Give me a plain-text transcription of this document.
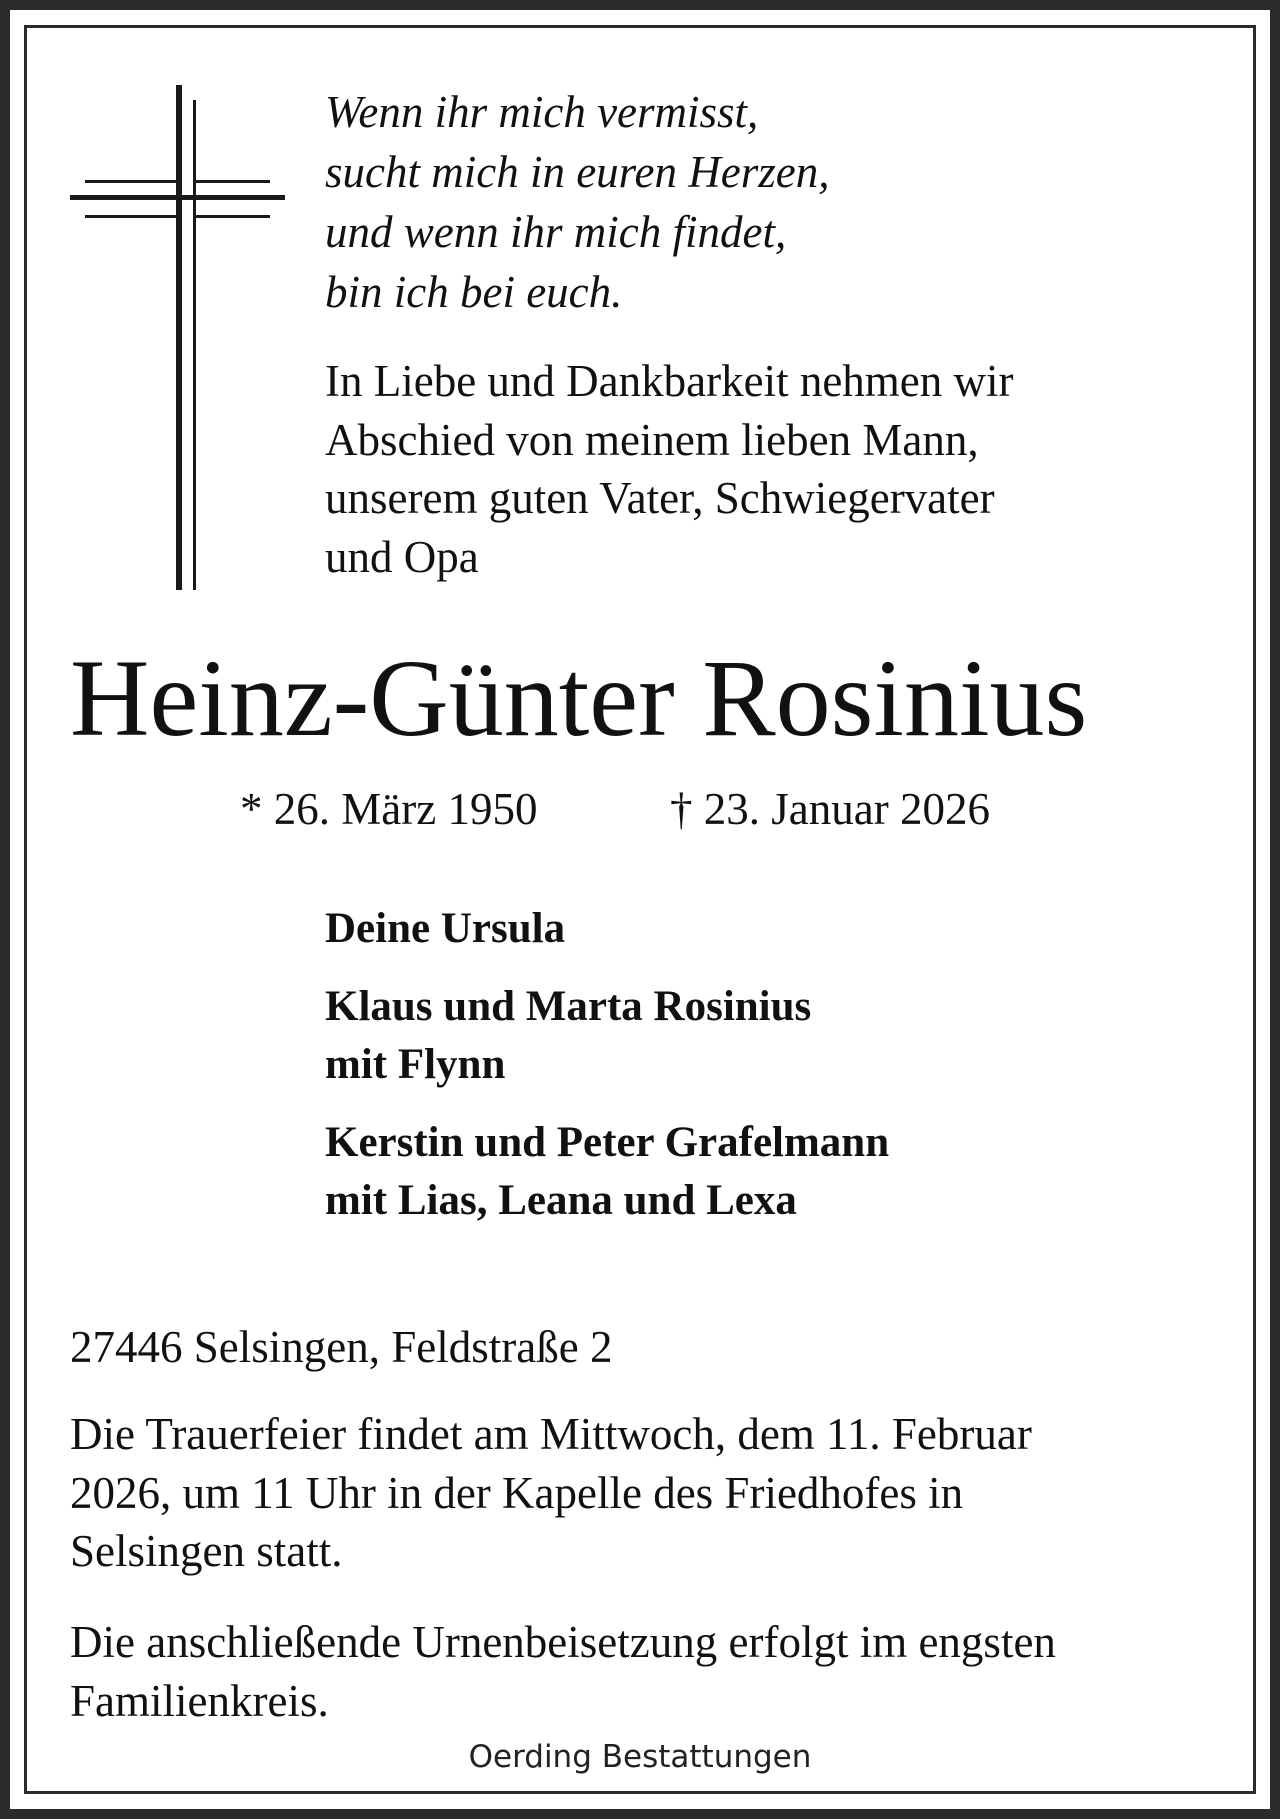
Wenn ihr mich vermisst,
sucht mich in euren Herzen,
und wenn ihr mich findet,
bin ich bei euch.
In Liebe und Dankbarkeit nehmen wir
Abschied von meinem lieben Mann,
unserem guten Vater, Schwiegervater
und Opa
Heinz-Günter Rosinius
* 26. März 1950	† 23. Januar 2026
Deine Ursula
Klaus und Marta Rosinius
mit Flynn
Kerstin und Peter Grafelmann
mit Lias, Leana und Lexa
27446 Selsingen, Feldstraße 2
Die Trauerfeier findet am Mittwoch, dem 11. Februar
2026, um 11 Uhr in der Kapelle des Friedhofes in
Selsingen statt.
Die anschließende Urnenbeisetzung erfolgt im engsten
Familienkreis.
Oerding Bestattungen
